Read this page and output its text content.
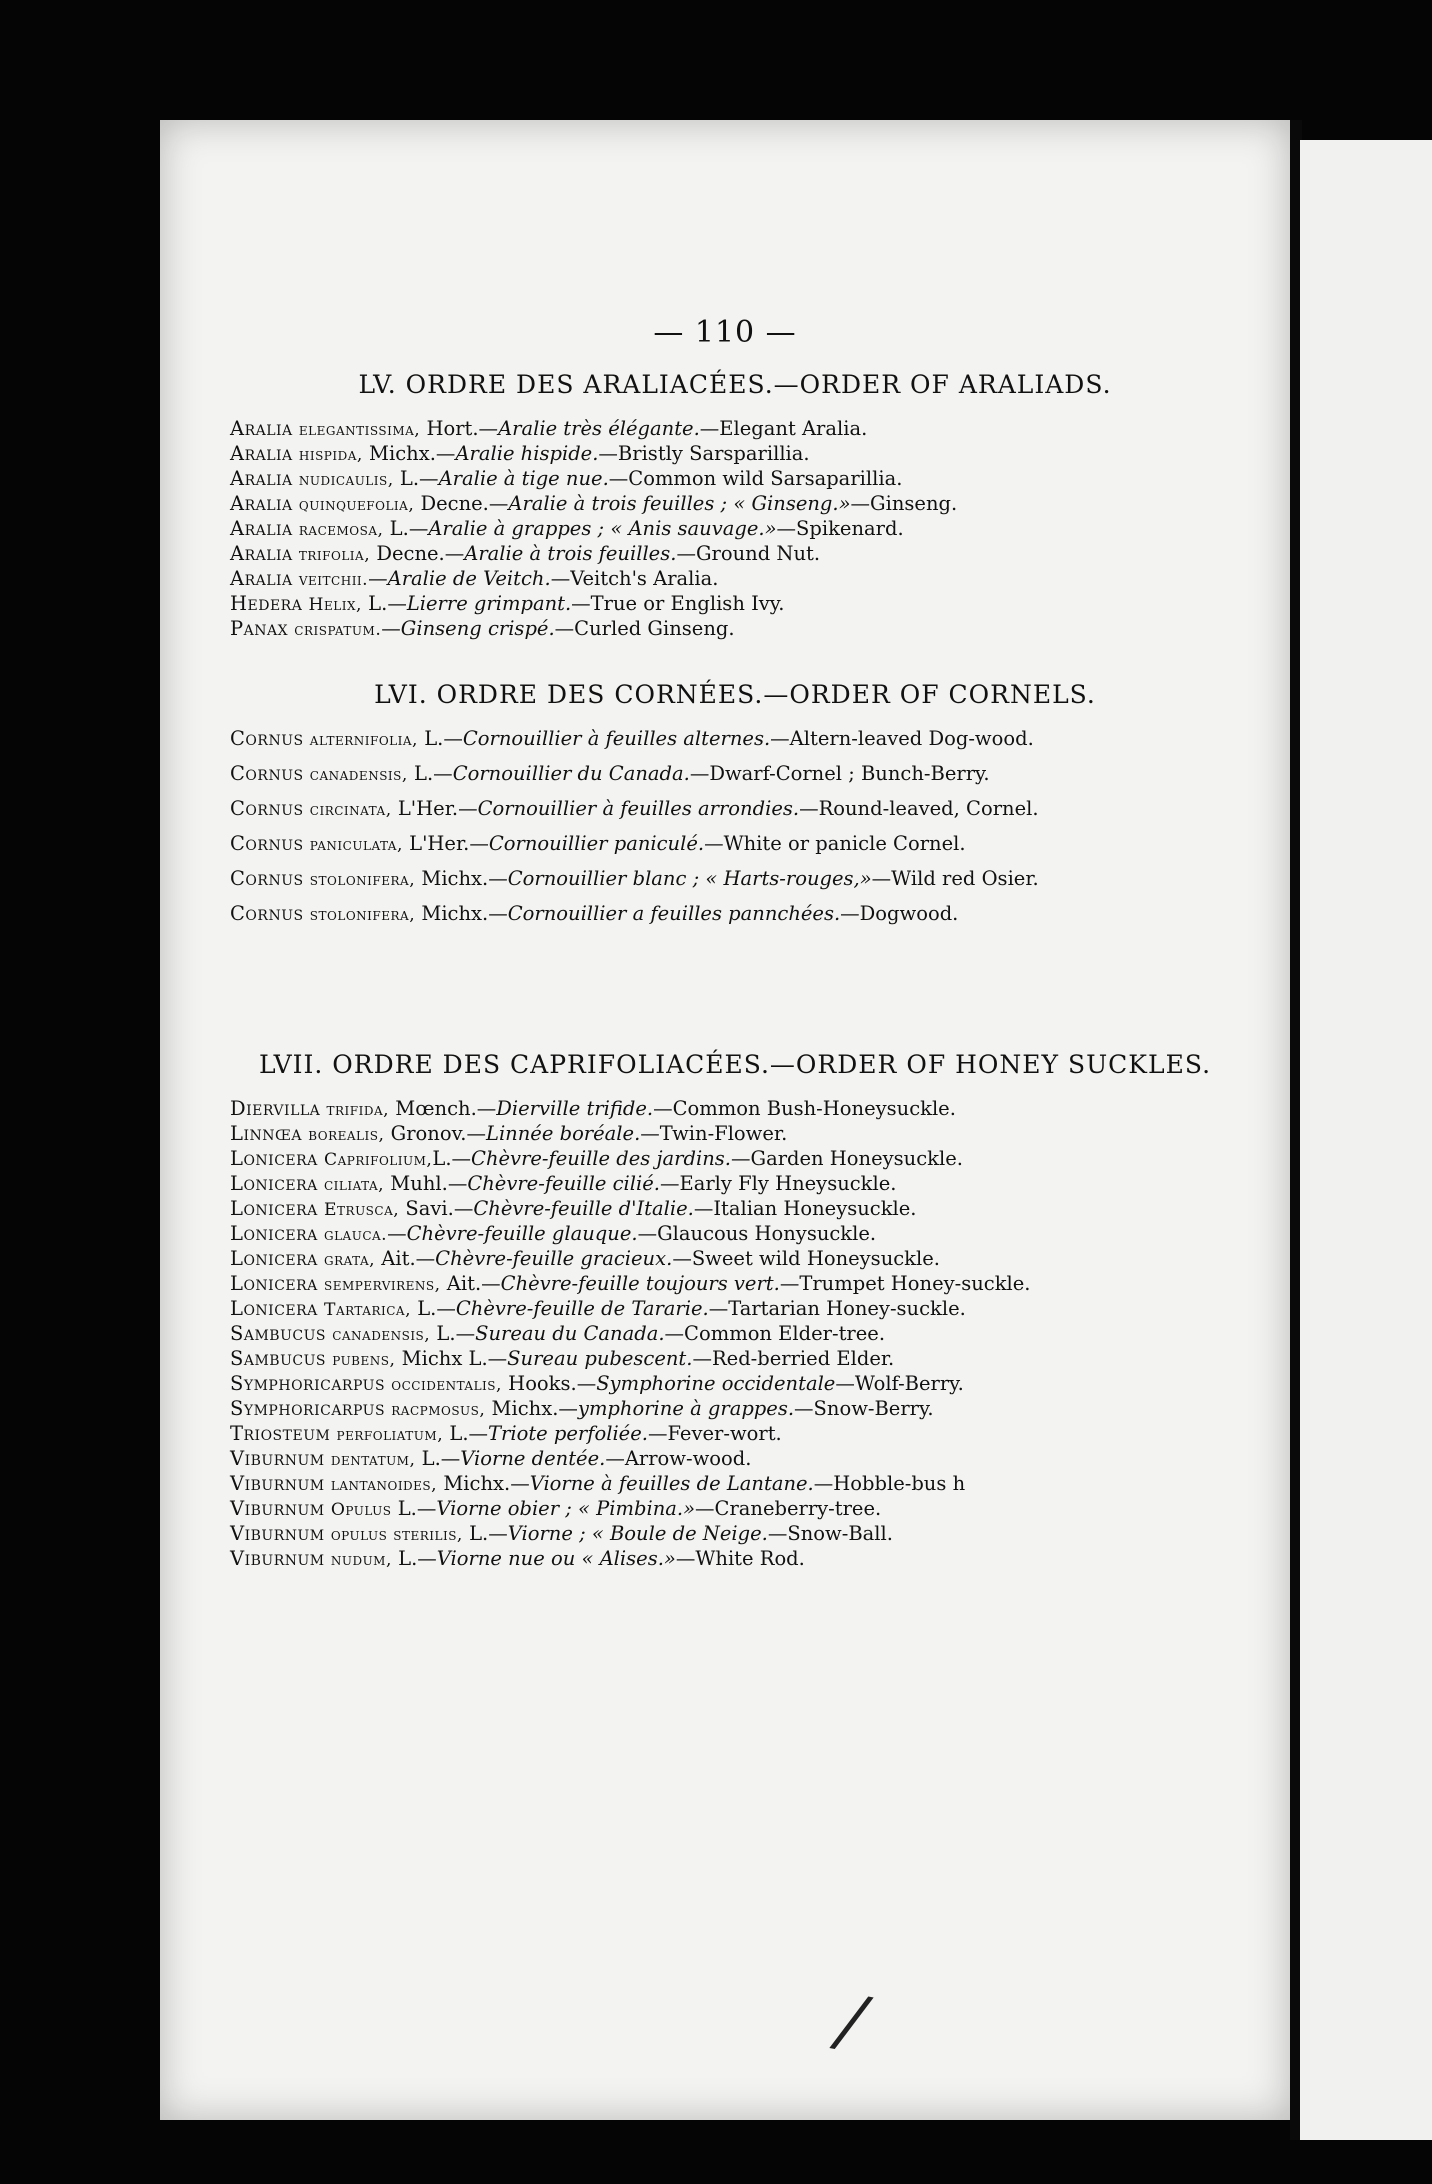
— 110 —
LV. ORDRE DES ARALIACÉES.—ORDER OF ARALIADS.

Aralia elegantissima, Hort.—Aralie très élégante.—Elegant Aralia.

Aralia hispida, Michx.—Aralie hispide.—Bristly Sarsparillia.

Aralia nudicaulis, L.—Aralie à tige nue.—Common wild Sarsaparillia.

Aralia quinquefolia, Decne.—Aralie à trois feuilles ; « Ginseng.»—Ginseng.

Aralia racemosa, L.—Aralie à grappes ; « Anis sauvage.»—Spikenard.

Aralia trifolia, Decne.—Aralie à trois feuilles.—Ground Nut.

Aralia veitchii.—Aralie de Veitch.—Veitch's Aralia.

Hedera Helix, L.—Lierre grimpant.—True or English Ivy.

Panax crispatum.—Ginseng crispé.—Curled Ginseng.

LVI. ORDRE DES CORNÉES.—ORDER OF CORNELS.

Cornus alternifolia, L.—Cornouillier à feuilles alternes.—Altern-leaved Dog-wood.

Cornus canadensis, L.—Cornouillier du Canada.—Dwarf-Cornel ; Bunch-Berry.

Cornus circinata, L'Her.—Cornouillier à feuilles arrondies.—Round-leaved, Cornel.

Cornus paniculata, L'Her.—Cornouillier paniculé.—White or panicle Cornel.

Cornus stolonifera, Michx.—Cornouillier blanc ; « Harts-rouges,»—Wild red Osier.

Cornus stolonifera, Michx.—Cornouillier a feuilles pannchées.—Dogwood.

LVII. ORDRE DES CAPRIFOLIACÉES.—ORDER OF HONEY SUCKLES.

Diervilla trifida, Mœnch.—Dierville trifide.—Common Bush-Honeysuckle.

Linnœa borealis, Gronov.—Linnée boréale.—Twin-Flower.

Lonicera Caprifolium,L.—Chèvre-feuille des jardins.—Garden Honeysuckle.

Lonicera ciliata, Muhl.—Chèvre-feuille cilié.—Early Fly Hneysuckle.

Lonicera Etrusca, Savi.—Chèvre-feuille d'Italie.—Italian Honeysuckle.

Lonicera glauca.—Chèvre-feuille glauque.—Glaucous Honysuckle.

Lonicera grata, Ait.—Chèvre-feuille gracieux.—Sweet wild Honeysuckle.

Lonicera sempervirens, Ait.—Chèvre-feuille toujours vert.—Trumpet Honey-suckle.

Lonicera Tartarica, L.—Chèvre-feuille de Tararie.—Tartarian Honey-suckle.

Sambucus canadensis, L.—Sureau du Canada.—Common Elder-tree.

Sambucus pubens, Michx L.—Sureau pubescent.—Red-berried Elder.

Symphoricarpus occidentalis, Hooks.—Symphorine occidentale—Wolf-Berry.

Symphoricarpus racpmosus, Michx.—ymphorine à grappes.—Snow-Berry.

Triosteum perfoliatum, L.—Triote perfoliée.—Fever-wort.

Viburnum dentatum, L.—Viorne dentée.—Arrow-wood.

Viburnum lantanoides, Michx.—Viorne à feuilles de Lantane.—Hobble-bus h

Viburnum Opulus L.—Viorne obier ; « Pimbina.»—Craneberry-tree.

Viburnum opulus sterilis, L.—Viorne ; « Boule de Neige.—Snow-Ball.

Viburnum nudum, L.—Viorne nue ou « Alises.»—White Rod.

/
